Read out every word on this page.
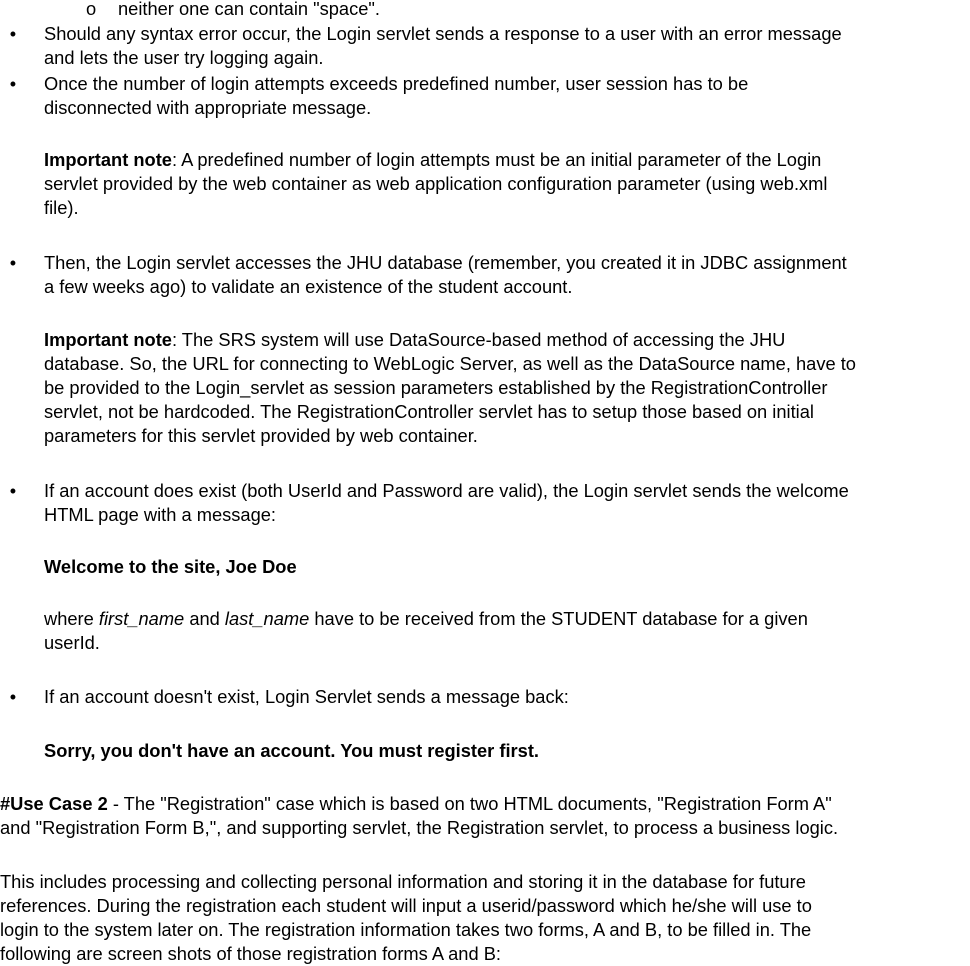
o neither one can contain "space".
• Should any syntax error occur, the Login servlet sends a response to a user with an error message
and lets the user try logging again.
• Once the number of login attempts exceeds predefined number, user session has to be
disconnected with appropriate message.
Important note: A predefined number of login attempts must be an initial parameter of the Login
servlet provided by the web container as web application configuration parameter (using web.xml
file).
• Then, the Login servlet accesses the JHU database (remember, you created it in JDBC assignment
a few weeks ago) to validate an existence of the student account.
Important note: The SRS system will use DataSource-based method of accessing the JHU
database. So, the URL for connecting to WebLogic Server, as well as the DataSource name, have to
be provided to the Login_servlet as session parameters established by the RegistrationController
servlet, not be hardcoded. The RegistrationController servlet has to setup those based on initial
parameters for this servlet provided by web container.
• If an account does exist (both UserId and Password are valid), the Login servlet sends the welcome
HTML page with a message:
Welcome to the site, Joe Doe
where first_name and last_name have to be received from the STUDENT database for a given
userId.
• If an account doesn't exist, Login Servlet sends a message back:
Sorry, you don't have an account. You must register first.
#Use Case 2 - The "Registration" case which is based on two HTML documents, "Registration Form A"
and "Registration Form B,", and supporting servlet, the Registration servlet, to process a business logic.
This includes processing and collecting personal information and storing it in the database for future
references. During the registration each student will input a userid/password which he/she will use to
login to the system later on. The registration information takes two forms, A and B, to be filled in. The
following are screen shots of those registration forms A and B:
